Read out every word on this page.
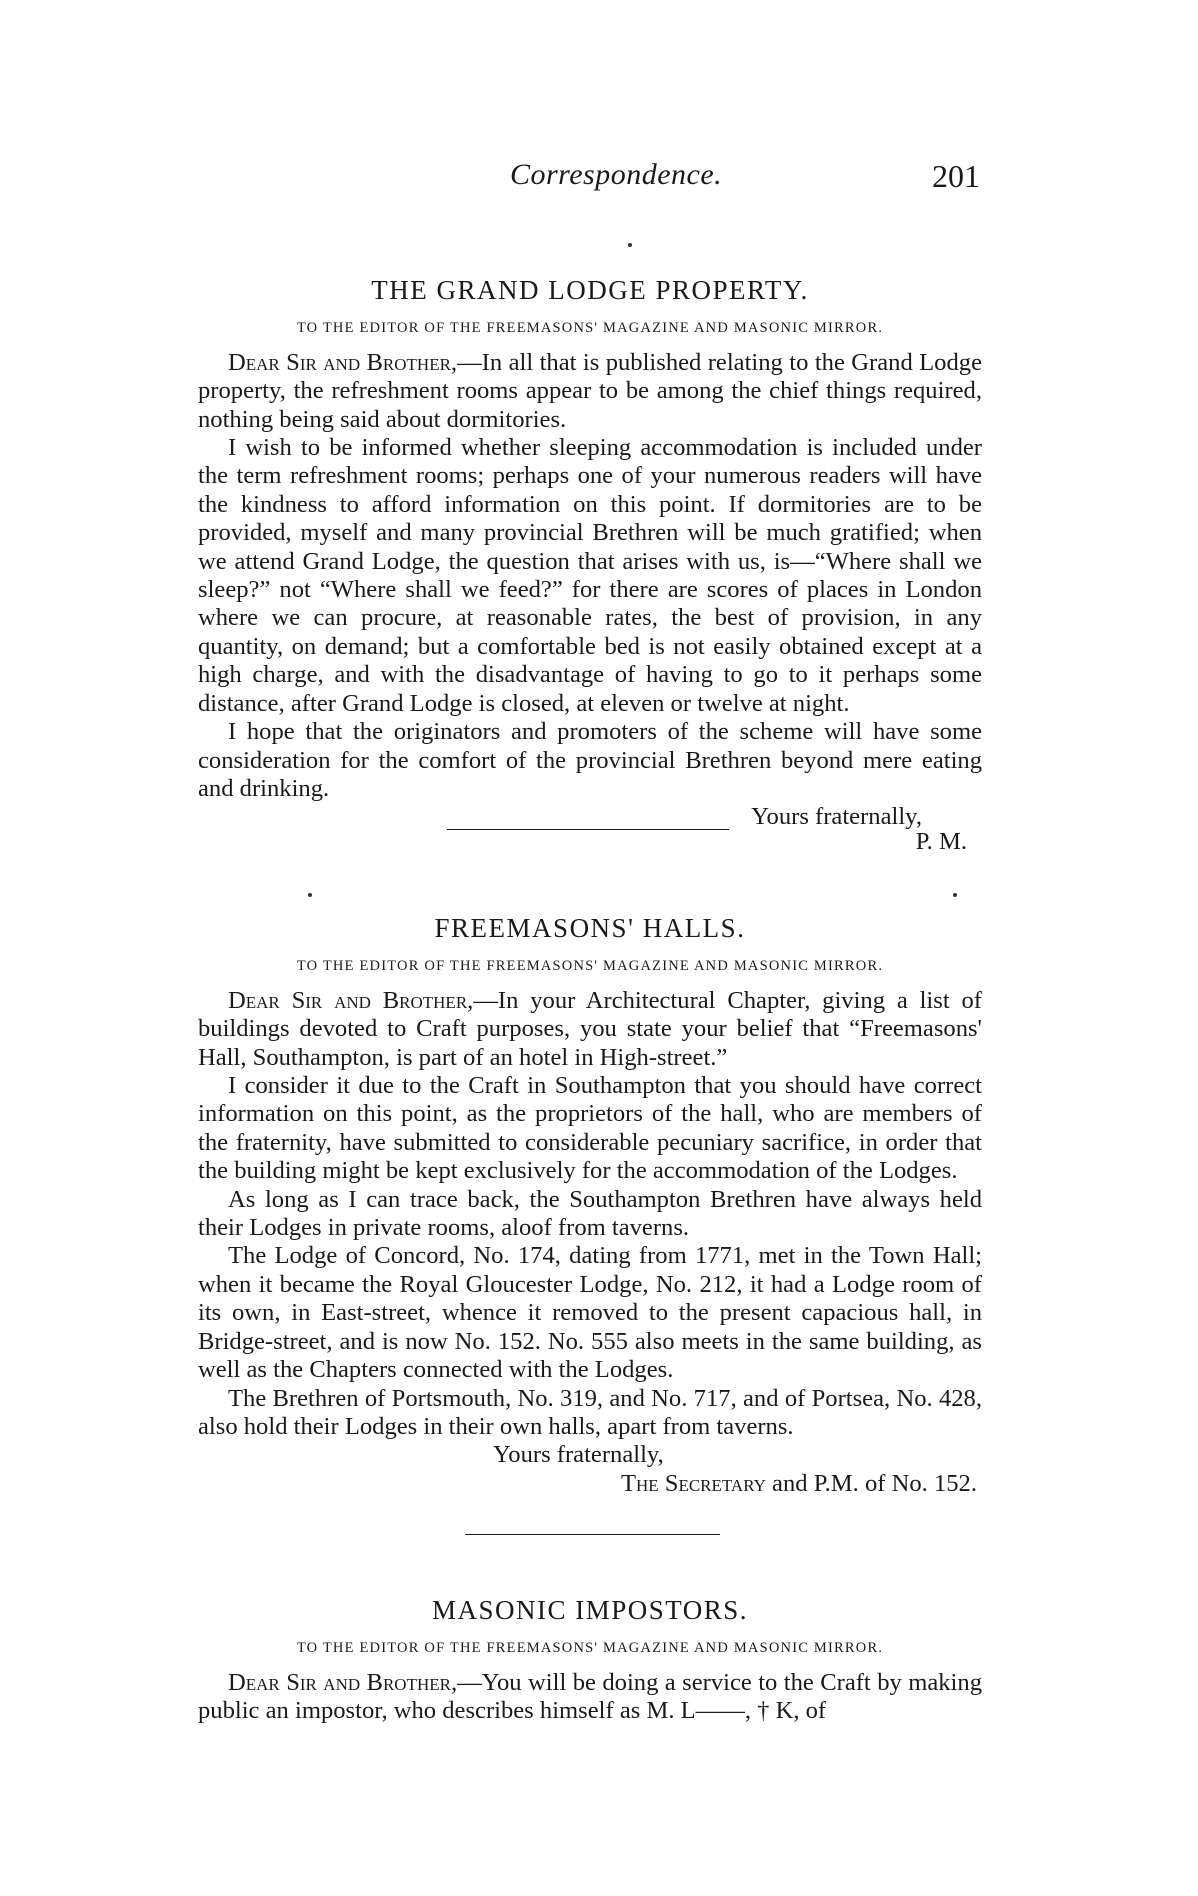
Correspondence.	201
THE GRAND LODGE PROPERTY.
TO THE EDITOR OF THE FREEMASONS' MAGAZINE AND MASONIC MIRROR.

Dear Sir and Brother,—In all that is published relating to the Grand Lodge property, the refreshment rooms appear to be among the chief things required, nothing being said about dormitories.

I wish to be informed whether sleeping accommodation is included under the term refreshment rooms; perhaps one of your numerous readers will have the kindness to afford information on this point. If dormitories are to be provided, myself and many provincial Brethren will be much gratified; when we attend Grand Lodge, the question that arises with us, is—“Where shall we sleep?” not “Where shall we feed?” for there are scores of places in London where we can procure, at reasonable rates, the best of provision, in any quantity, on demand; but a comfortable bed is not easily obtained except at a high charge, and with the disadvantage of having to go to it perhaps some distance, after Grand Lodge is closed, at eleven or twelve at night.

I hope that the originators and promoters of the scheme will have some consideration for the comfort of the provincial Brethren beyond mere eating and drinking.

Yours fraternally,

P. M.

FREEMASONS' HALLS.
TO THE EDITOR OF THE FREEMASONS' MAGAZINE AND MASONIC MIRROR.

Dear Sir and Brother,—In your Architectural Chapter, giving a list of buildings devoted to Craft purposes, you state your belief that “Freemasons' Hall, Southampton, is part of an hotel in High-street.”

I consider it due to the Craft in Southampton that you should have correct information on this point, as the proprietors of the hall, who are members of the fraternity, have submitted to considerable pecuniary sacrifice, in order that the building might be kept exclusively for the accommodation of the Lodges.

As long as I can trace back, the Southampton Brethren have always held their Lodges in private rooms, aloof from taverns.

The Lodge of Concord, No. 174, dating from 1771, met in the Town Hall; when it became the Royal Gloucester Lodge, No. 212, it had a Lodge room of its own, in East-street, whence it removed to the present capacious hall, in Bridge-street, and is now No. 152. No. 555 also meets in the same building, as well as the Chapters connected with the Lodges.

The Brethren of Portsmouth, No. 319, and No. 717, and of Portsea, No. 428, also hold their Lodges in their own halls, apart from taverns.

Yours fraternally,

The Secretary and P.M. of No. 152.

MASONIC IMPOSTORS.
TO THE EDITOR OF THE FREEMASONS' MAGAZINE AND MASONIC MIRROR.

Dear Sir and Brother,—You will be doing a service to the Craft by making public an impostor, who describes himself as M. L——, † K, of
